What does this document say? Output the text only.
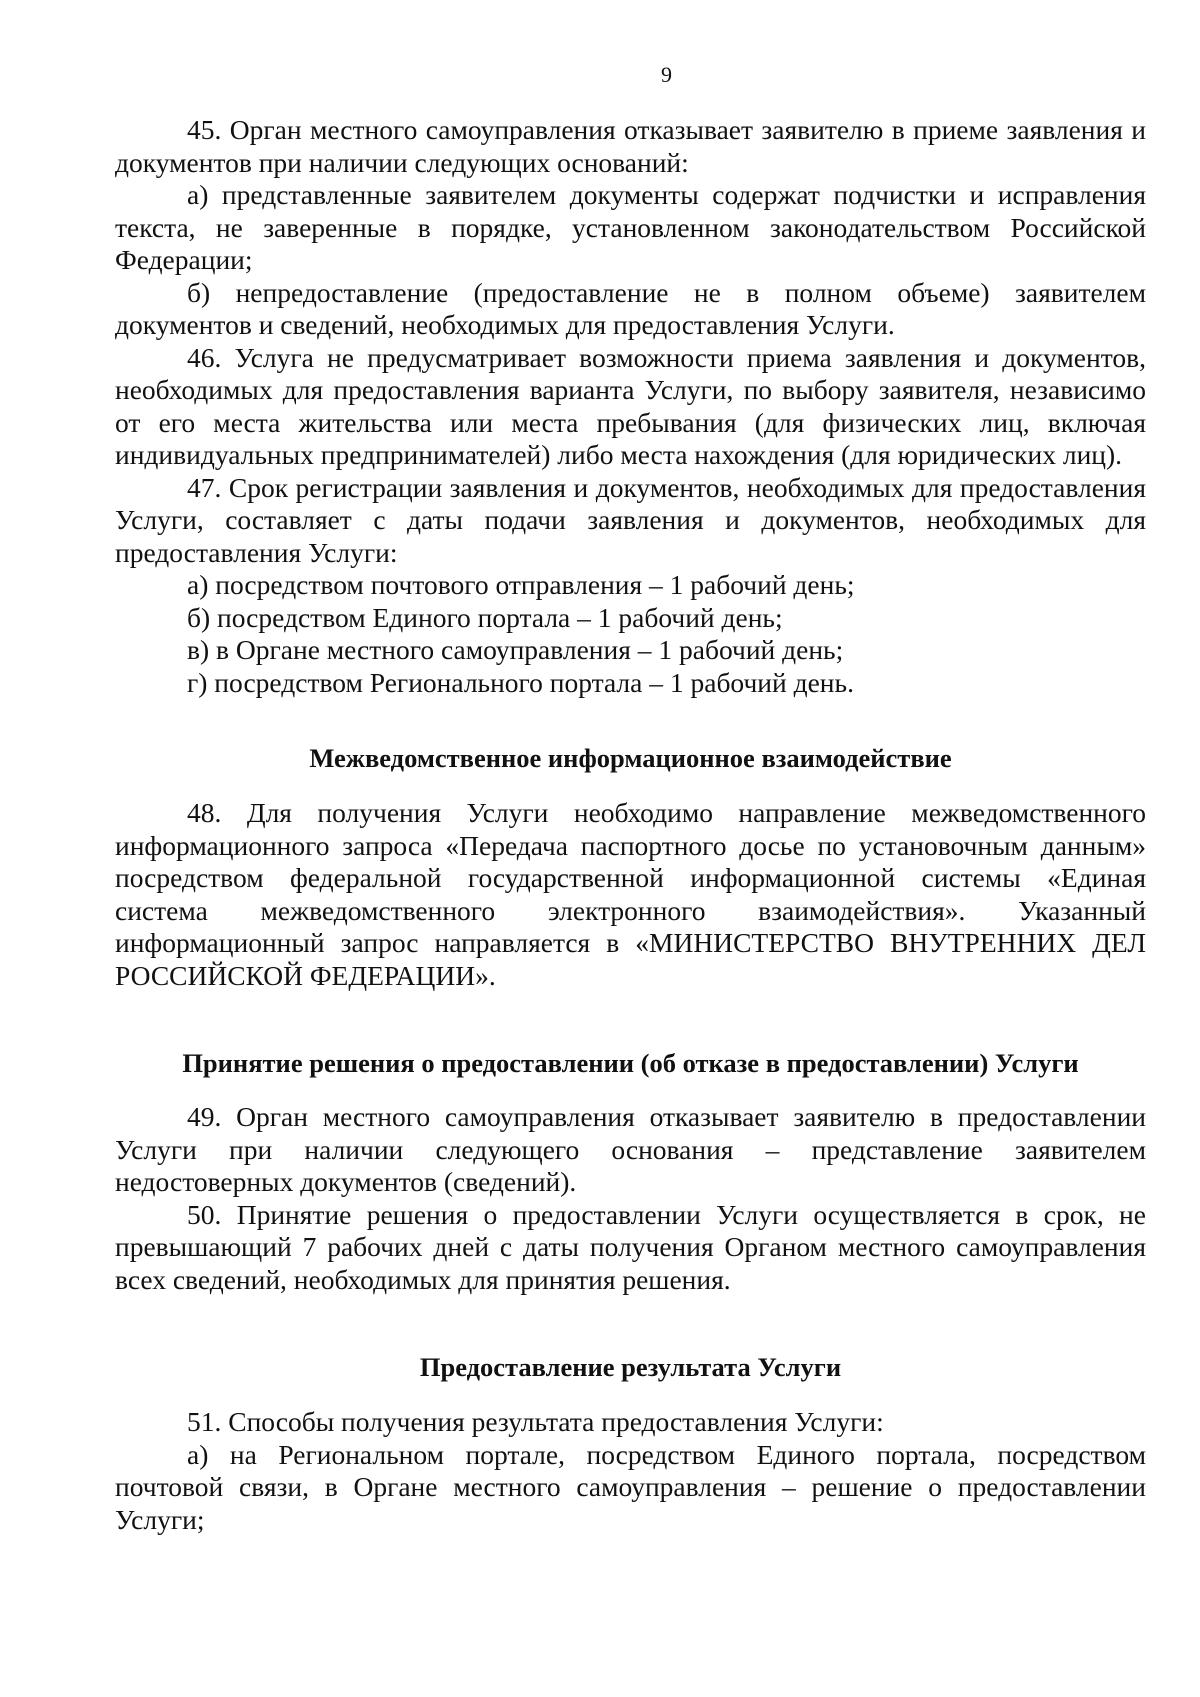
9

45. Орган местного самоуправления отказывает заявителю в приеме заявления и документов при наличии следующих оснований:

а) представленные заявителем документы содержат подчистки и исправления текста, не заверенные в порядке, установленном законодательством Российской Федерации;

б) непредоставление (предоставление не в полном объеме) заявителем документов и сведений, необходимых для предоставления Услуги.

46. Услуга не предусматривает возможности приема заявления и документов, необходимых для предоставления варианта Услуги, по выбору заявителя, независимо от его места жительства или места пребывания (для физических лиц, включая индивидуальных предпринимателей) либо места нахождения (для юридических лиц).

47. Срок регистрации заявления и документов, необходимых для предоставления Услуги, составляет с даты подачи заявления и документов, необходимых для предоставления Услуги:

а) посредством почтового отправления – 1 рабочий день;

б) посредством Единого портала – 1 рабочий день;

в) в Органе местного самоуправления – 1 рабочий день;

г) посредством Регионального портала – 1 рабочий день.

Межведомственное информационное взаимодействие

48. Для получения Услуги необходимо направление межведомственного информационного запроса «Передача паспортного досье по установочным данным» посредством федеральной государственной информационной системы «Единая система межведомственного электронного взаимодействия». Указанный информационный запрос направляется в «МИНИСТЕРСТВО ВНУТРЕННИХ ДЕЛ РОССИЙСКОЙ ФЕДЕРАЦИИ».

Принятие решения о предоставлении (об отказе в предоставлении) Услуги

49. Орган местного самоуправления отказывает заявителю в предоставлении Услуги при наличии следующего основания – представление заявителем недостоверных документов (сведений).

50. Принятие решения о предоставлении Услуги осуществляется в срок, не превышающий 7 рабочих дней с даты получения Органом местного самоуправления всех сведений, необходимых для принятия решения.

Предоставление результата Услуги

51. Способы получения результата предоставления Услуги:

а) на Региональном портале, посредством Единого портала, посредством почтовой связи, в Органе местного самоуправления – решение о предоставлении Услуги;
